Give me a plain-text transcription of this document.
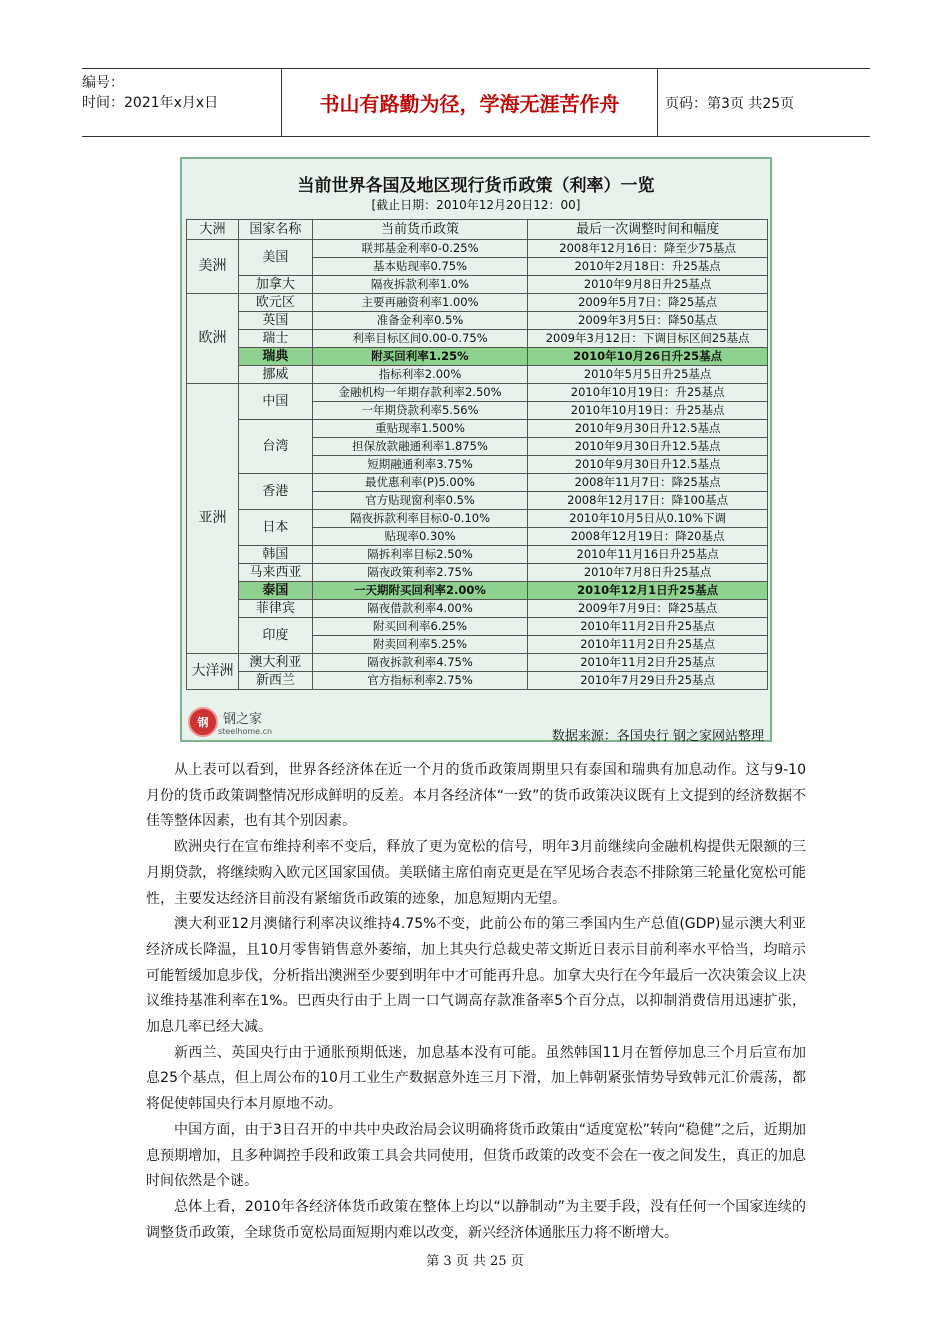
编号：
时间：2021年x月x日	书山有路勤为径，学海无涯苦作舟	页码：第3页 共25页
当前世界各国及地区现行货币政策（利率）一览
[截止日期：2010年12月20日12：00]
大洲	国家名称	当前货币政策	最后一次调整时间和幅度
美洲	美国	联邦基金利率0-0.25%	2008年12月16日：降至少75基点
		基本贴现率0.75%	2010年2月18日：升25基点
	加拿大	隔夜拆款利率1.0%	2010年9月8日升25基点
欧洲	欧元区	主要再融资利率1.00%	2009年5月7日：降25基点
	英国	准备金利率0.5%	2009年3月5日：降50基点
	瑞士	利率目标区间0.00-0.75%	2009年3月12日：下调目标区间25基点
	瑞典	附买回利率1.25%	2010年10月26日升25基点
	挪威	指标利率2.00%	2010年5月5日升25基点
亚洲	中国	金融机构一年期存款利率2.50%	2010年10月19日：升25基点
		一年期贷款利率5.56%	2010年10月19日：升25基点
	台湾	重贴现率1.500%	2010年9月30日升12.5基点
		担保放款融通利率1.875%	2010年9月30日升12.5基点
		短期融通利率3.75%	2010年9月30日升12.5基点
	香港	最优惠利率(P)5.00%	2008年11月7日：降25基点
		官方贴现窗利率0.5%	2008年12月17日：降100基点
	日本	隔夜拆款利率目标0-0.10%	2010年10月5日从0.10%下调
		贴现率0.30%	2008年12月19日：降20基点
	韩国	隔拆利率目标2.50%	2010年11月16日升25基点
	马来西亚	隔夜政策利率2.75%	2010年7月8日升25基点
	泰国	一天期附买回利率2.00%	2010年12月1日升25基点
	菲律宾	隔夜借款利率4.00%	2009年7月9日：降25基点
	印度	附买回利率6.25%	2010年11月2日升25基点
		附卖回利率5.25%	2010年11月2日升25基点
大洋洲	澳大利亚	隔夜拆款利率4.75%	2010年11月2日升25基点
	新西兰	官方指标利率2.75%	2010年7月29日升25基点
钢	钢之家
steelhome.cn	数据来源：各国央行 钢之家网站整理

从上表可以看到，世界各经济体在近一个月的货币政策周期里只有泰国和瑞典有加息动作。这与9-10月份的货币政策调整情况形成鲜明的反差。本月各经济体“一致”的货币政策决议既有上文提到的经济数据不佳等整体因素，也有其个别因素。

欧洲央行在宣布维持利率不变后，释放了更为宽松的信号，明年3月前继续向金融机构提供无限额的三月期贷款，将继续购入欧元区国家国债。美联储主席伯南克更是在罕见场合表态不排除第三轮量化宽松可能性，主要发达经济目前没有紧缩货币政策的迹象，加息短期内无望。

澳大利亚12月澳储行利率决议维持4.75%不变，此前公布的第三季国内生产总值(GDP)显示澳大利亚经济成长降温，且10月零售销售意外萎缩，加上其央行总裁史蒂文斯近日表示目前利率水平恰当，均暗示可能暂缓加息步伐，分析指出澳洲至少要到明年中才可能再升息。加拿大央行在今年最后一次决策会议上决议维持基准利率在1%。巴西央行由于上周一口气调高存款准备率5个百分点，以抑制消费信用迅速扩张，加息几率已经大减。

新西兰、英国央行由于通胀预期低迷，加息基本没有可能。虽然韩国11月在暂停加息三个月后宣布加息25个基点，但上周公布的10月工业生产数据意外连三月下滑，加上韩朝紧张情势导致韩元汇价震荡，都将促使韩国央行本月原地不动。

中国方面，由于3日召开的中共中央政治局会议明确将货币政策由“适度宽松”转向“稳健”之后，近期加息预期增加，且多种调控手段和政策工具会共同使用，但货币政策的改变不会在一夜之间发生，真正的加息时间依然是个谜。

总体上看，2010年各经济体货币政策在整体上均以“以静制动”为主要手段，没有任何一个国家连续的调整货币政策，全球货币宽松局面短期内难以改变，新兴经济体通胀压力将不断增大。

第 3 页 共 25 页
